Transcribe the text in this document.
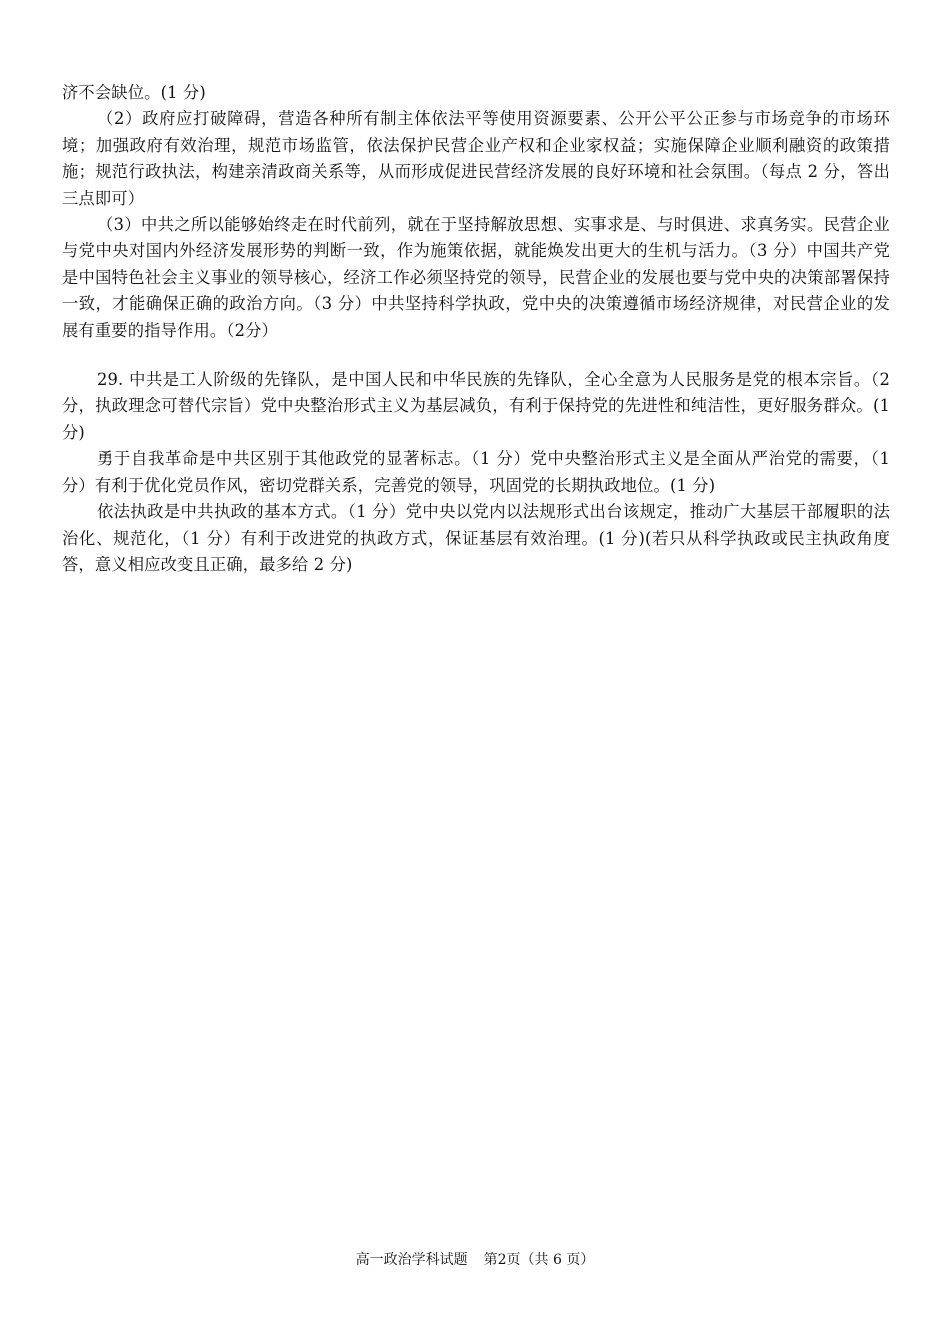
济不会缺位。(1 分)

（2）政府应打破障碍，营造各种所有制主体依法平等使用资源要素、公开公平公正参与市场竞争的市场环境；加强政府有效治理，规范市场监管，依法保护民营企业产权和企业家权益；实施保障企业顺利融资的政策措施；规范行政执法，构建亲清政商关系等，从而形成促进民营经济发展的良好环境和社会氛围。（每点 2 分，答出三点即可）

（3）中共之所以能够始终走在时代前列，就在于坚持解放思想、实事求是、与时俱进、求真务实。民营企业与党中央对国内外经济发展形势的判断一致，作为施策依据，就能焕发出更大的生机与活力。（3 分）中国共产党是中国特色社会主义事业的领导核心，经济工作必须坚持党的领导，民营企业的发展也要与党中央的决策部署保持一致，才能确保正确的政治方向。（3 分）中共坚持科学执政，党中央的决策遵循市场经济规律，对民营企业的发展有重要的指导作用。（2分）

29. 中共是工人阶级的先锋队，是中国人民和中华民族的先锋队，全心全意为人民服务是党的根本宗旨。（2 分，执政理念可替代宗旨）党中央整治形式主义为基层减负，有利于保持党的先进性和纯洁性，更好服务群众。(1 分)

勇于自我革命是中共区别于其他政党的显著标志。（1 分）党中央整治形式主义是全面从严治党的需要，（1 分）有利于优化党员作风，密切党群关系，完善党的领导，巩固党的长期执政地位。(1 分)

依法执政是中共执政的基本方式。（1 分）党中央以党内以法规形式出台该规定，推动广大基层干部履职的法治化、规范化，（1 分）有利于改进党的执政方式，保证基层有效治理。(1 分)(若只从科学执政或民主执政角度答，意义相应改变且正确，最多给 2 分)

高一政治学科试题 第2页（共 6 页）
